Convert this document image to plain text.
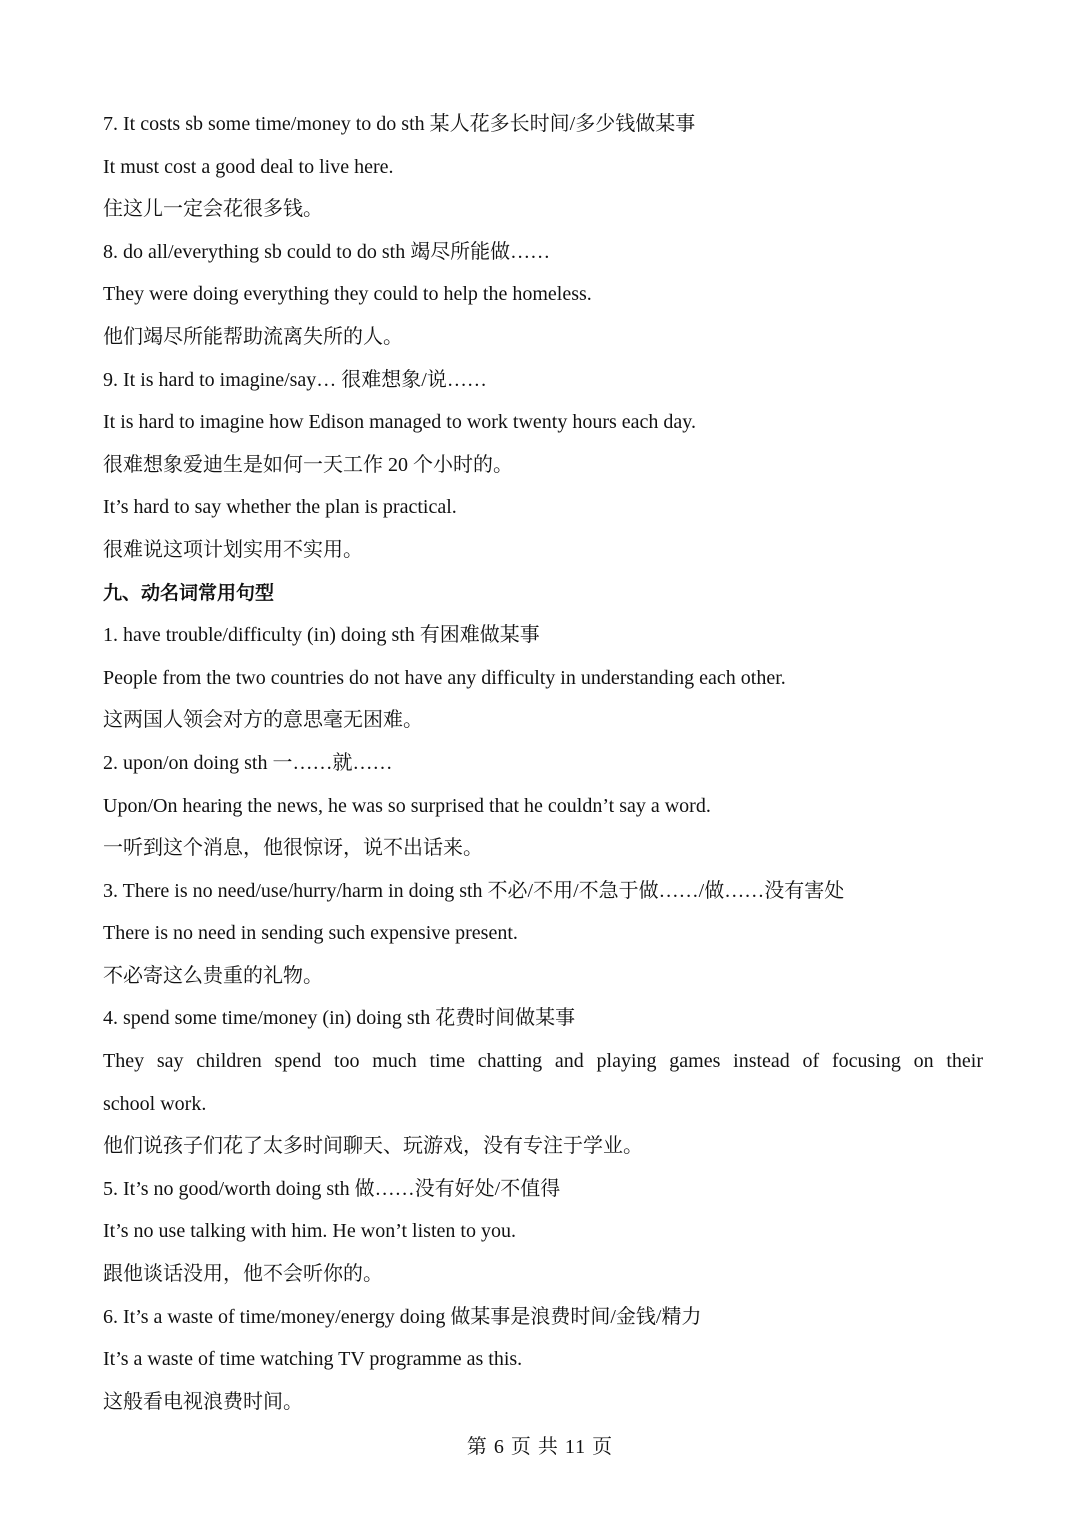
7. It costs sb some time/money to do sth 某人花多长时间/多少钱做某事
It must cost a good deal to live here.
住这儿一定会花很多钱。
8. do all/everything sb could to do sth 竭尽所能做……
They were doing everything they could to help the homeless.
他们竭尽所能帮助流离失所的人。
9. It is hard to imagine/say… 很难想象/说……
It is hard to imagine how Edison managed to work twenty hours each day.
很难想象爱迪生是如何一天工作 20 个小时的。
It’s hard to say whether the plan is practical.
很难说这项计划实用不实用。
九、动名词常用句型
1. have trouble/difficulty (in) doing sth 有困难做某事
People from the two countries do not have any difficulty in understanding each other.
这两国人领会对方的意思毫无困难。
2. upon/on doing sth 一……就……
Upon/On hearing the news, he was so surprised that he couldn’t say a word.
一听到这个消息，他很惊讶，说不出话来。
3. There is no need/use/hurry/harm in doing sth 不必/不用/不急于做……/做……没有害处
There is no need in sending such expensive present.
不必寄这么贵重的礼物。
4. spend some time/money (in) doing sth 花费时间做某事
They say children spend too much time chatting and playing games instead of focusing on their
school work.
他们说孩子们花了太多时间聊天、玩游戏，没有专注于学业。
5. It’s no good/worth doing sth 做……没有好处/不值得
It’s no use talking with him. He won’t listen to you.
跟他谈话没用，他不会听你的。
6. It’s a waste of time/money/energy doing 做某事是浪费时间/金钱/精力
It’s a waste of time watching TV programme as this.
这般看电视浪费时间。
第 6 页 共 11 页
